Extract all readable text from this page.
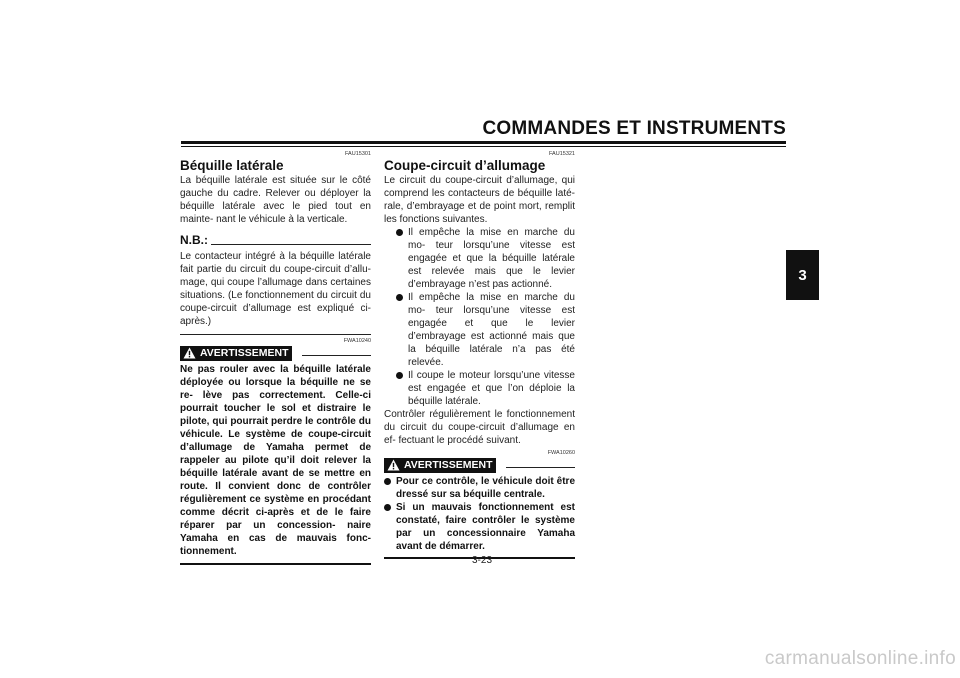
COMMANDES ET INSTRUMENTS
3
FAU15301
Béquille latérale

La béquille latérale est située sur le côté gauche du cadre. Relever ou déployer la béquille latérale avec le pied tout en mainte- nant le véhicule à la verticale.

N.B.:

Le contacteur intégré à la béquille latérale fait partie du circuit du coupe-circuit d’allu- mage, qui coupe l’allumage dans certaines situations. (Le fonctionnement du circuit du coupe-circuit d’allumage est expliqué ci- après.)

FWA10240
AVERTISSEMENT

Ne pas rouler avec la béquille latérale déployée ou lorsque la béquille ne se re- lève pas correctement. Celle-ci pourrait toucher le sol et distraire le pilote, qui pourrait perdre le contrôle du véhicule. Le système de coupe-circuit d’allumage de Yamaha permet de rappeler au pilote qu’il doit relever la béquille latérale avant de se mettre en route. Il convient donc de contrôler régulièrement ce système en procédant comme décrit ci-après et de le faire réparer par un concession- naire Yamaha en cas de mauvais fonc- tionnement.

FAU15321
Coupe-circuit d’allumage

Le circuit du coupe-circuit d’allumage, qui comprend les contacteurs de béquille laté- rale, d’embrayage et de point mort, remplit les fonctions suivantes.

Il empêche la mise en marche du mo- teur lorsqu’une vitesse est engagée et que la béquille latérale est relevée mais que le levier d’embrayage n’est pas actionné.

Il empêche la mise en marche du mo- teur lorsqu’une vitesse est engagée et que le levier d’embrayage est actionné mais que la béquille latérale n’a pas été relevée.

Il coupe le moteur lorsqu’une vitesse est engagée et que l’on déploie la béquille latérale.

Contrôler régulièrement le fonctionnement du circuit du coupe-circuit d’allumage en ef- fectuant le procédé suivant.

FWA10260
AVERTISSEMENT

Pour ce contrôle, le véhicule doit être dressé sur sa béquille centrale.

Si un mauvais fonctionnement est constaté, faire contrôler le système par un concessionnaire Yamaha avant de démarrer.

3-23
carmanualsonline.info
